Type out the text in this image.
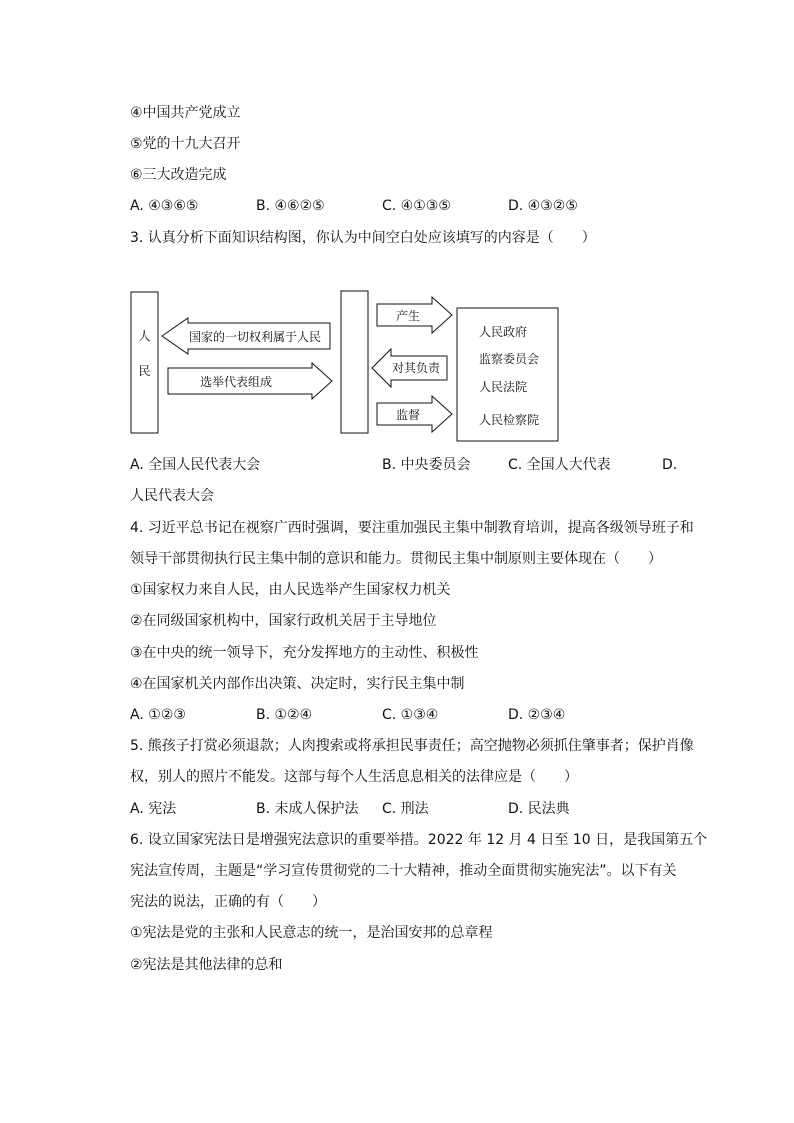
④中国共产党成立
⑤党的十九大召开
⑥三大改造完成
A. ④③⑥⑤	B. ④⑥②⑤	C. ④①③⑤	D. ④③②⑤
3. 认真分析下面知识结构图，你认为中间空白处应该填写的内容是（　　）
人
民
国家的一切权利属于人民
选举代表组成
产生
对其负责
监督
人民政府
监察委员会
人民法院
人民检察院
A. 全国人民代表大会	B. 中央委员会	C. 全国人大代表	D.
人民代表大会
4. 习近平总书记在视察广西时强调，要注重加强民主集中制教育培训，提高各级领导班子和
领导干部贯彻执行民主集中制的意识和能力。贯彻民主集中制原则主要体现在（　　）
①国家权力来自人民，由人民选举产生国家权力机关
②在同级国家机构中，国家行政机关居于主导地位
③在中央的统一领导下，充分发挥地方的主动性、积极性
④在国家机关内部作出决策、决定时，实行民主集中制
A. ①②③	B. ①②④	C. ①③④	D. ②③④
5. 熊孩子打赏必须退款；人肉搜索或将承担民事责任；高空抛物必须抓住肇事者；保护肖像
权，别人的照片不能发。这部与每个人生活息息相关的法律应是（　　）
A. 宪法	B. 未成人保护法 C. 刑法	D. 民法典
6. 设立国家宪法日是增强宪法意识的重要举措。2022 年 12 月 4 日至 10 日，是我国第五个
宪法宣传周，主题是“学习宣传贯彻党的二十大精神，推动全面贯彻实施宪法”。以下有关
宪法的说法，正确的有（　　）
①宪法是党的主张和人民意志的统一，是治国安邦的总章程
②宪法是其他法律的总和
